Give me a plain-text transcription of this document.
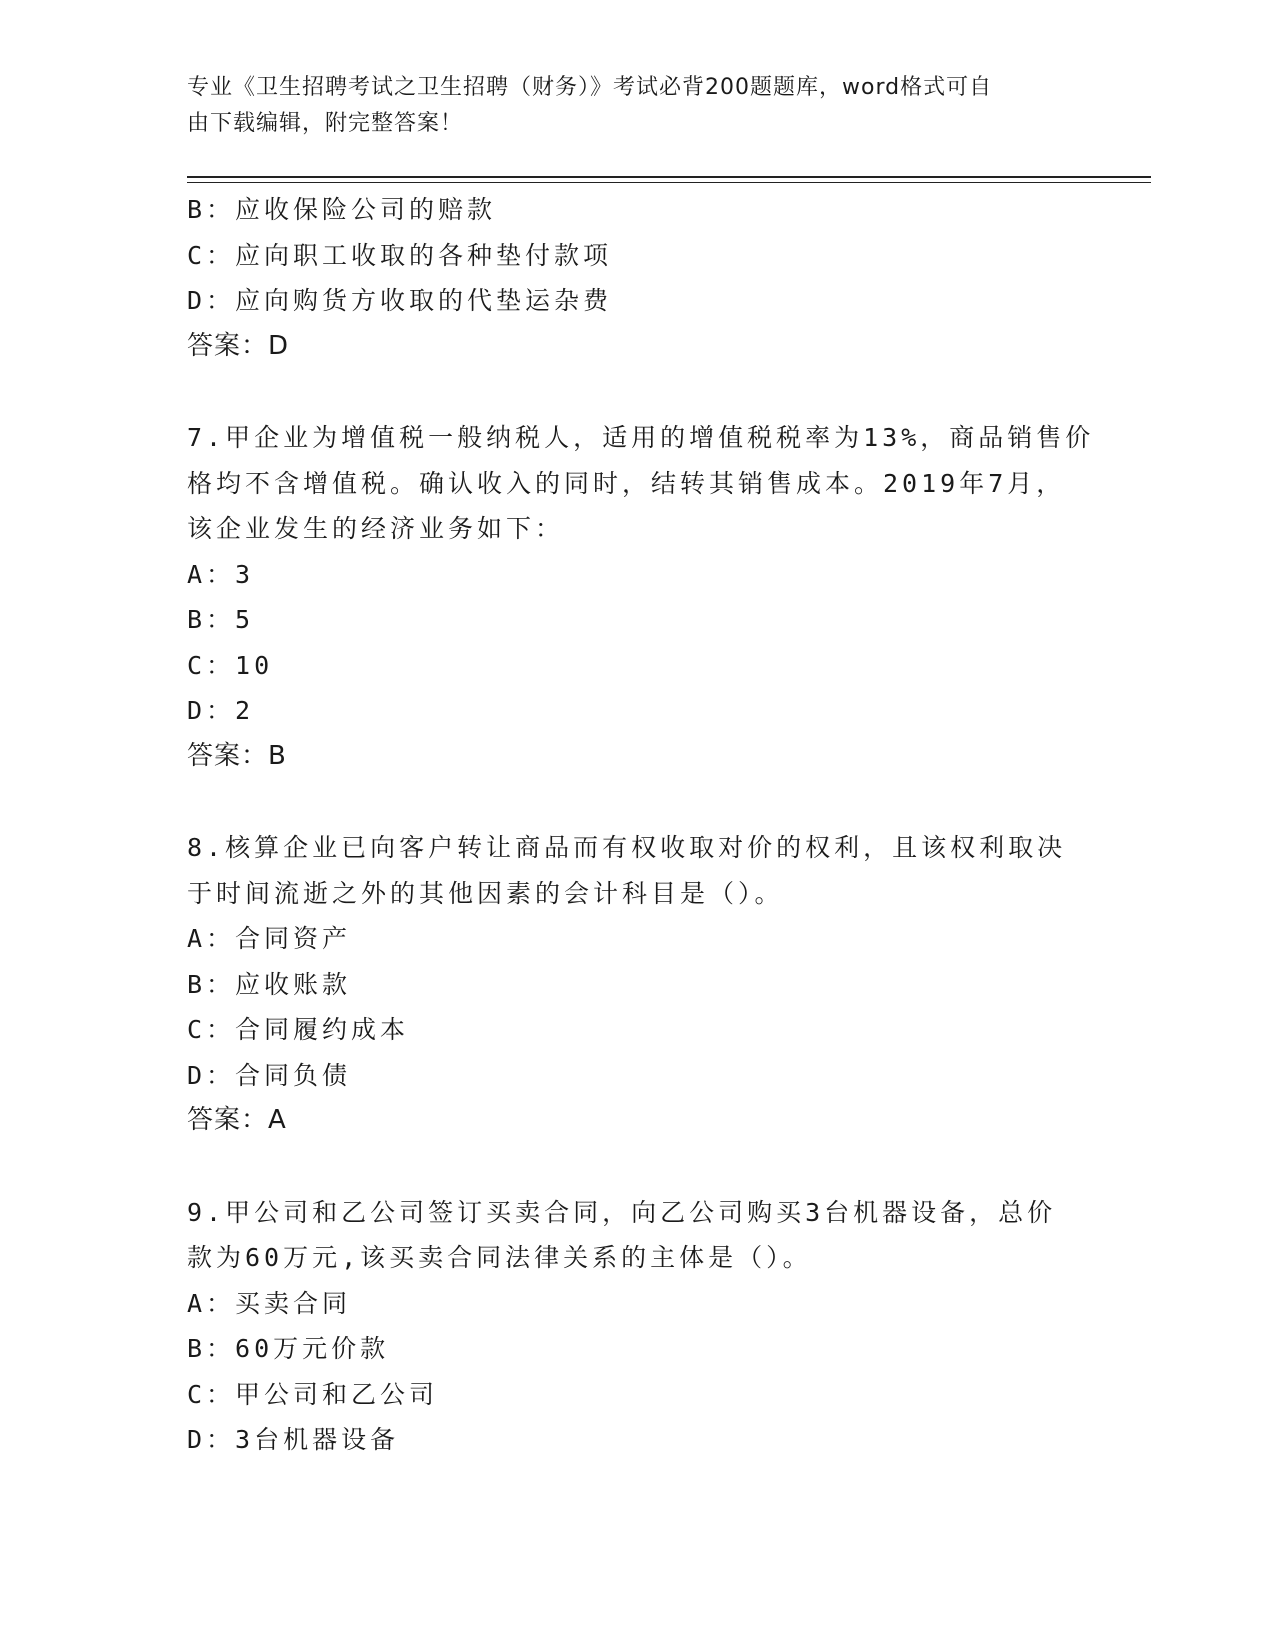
专业《卫生招聘考试之卫生招聘（财务）》考试必背200题题库，word格式可自
由下载编辑，附完整答案！
B：应收保险公司的赔款
C：应向职工收取的各种垫付款项
D：应向购货方收取的代垫运杂费
答案：D
7.甲企业为增值税一般纳税人，适用的增值税税率为13%，商品销售价
格均不含增值税。确认收入的同时，结转其销售成本。2019年7月，
该企业发生的经济业务如下：
A：3
B：5
C：10
D：2
答案：B
8.核算企业已向客户转让商品而有权收取对价的权利，且该权利取决
于时间流逝之外的其他因素的会计科目是（）。
A：合同资产
B：应收账款
C：合同履约成本
D：合同负债
答案：A
9.甲公司和乙公司签订买卖合同，向乙公司购买3台机器设备，总价
款为60万元,该买卖合同法律关系的主体是（）。
A：买卖合同
B：60万元价款
C：甲公司和乙公司
D：3台机器设备
